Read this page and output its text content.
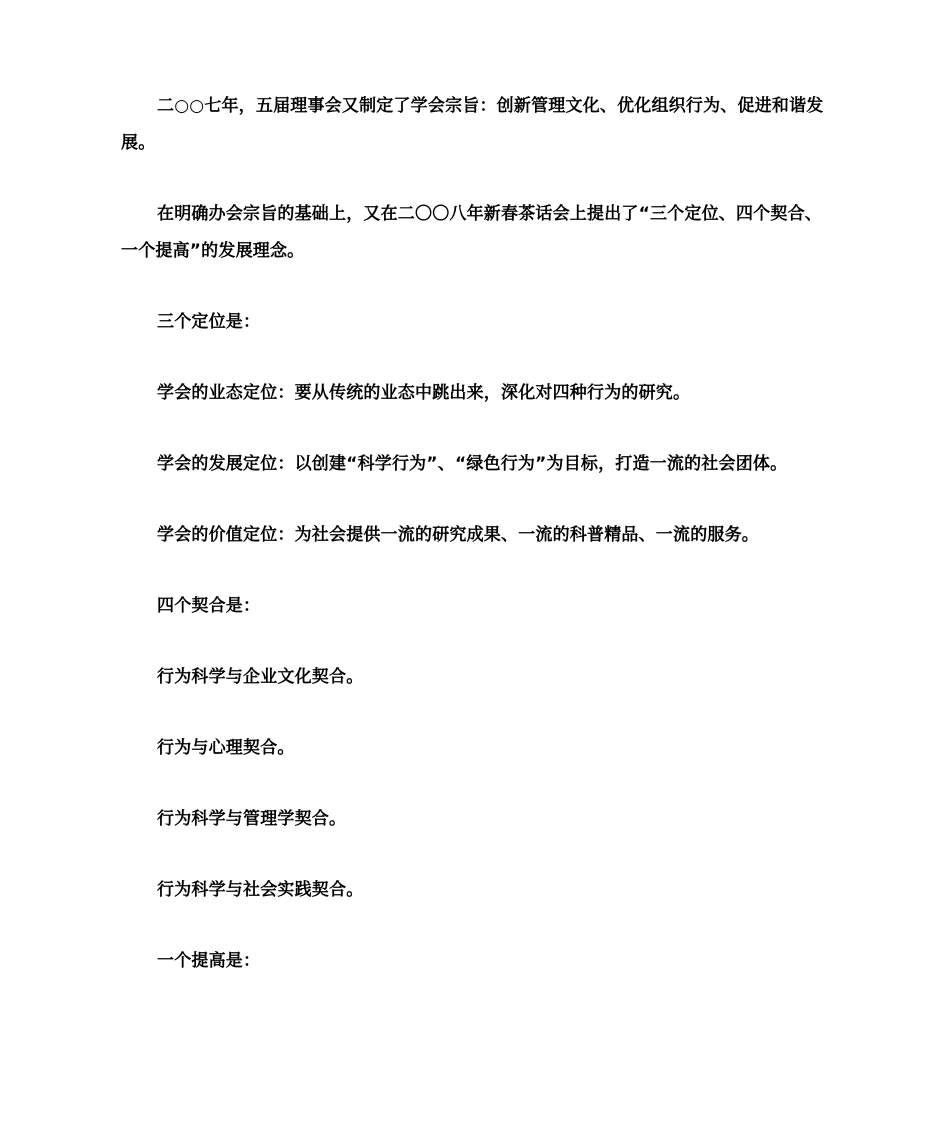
二○○七年，五届理事会又制定了学会宗旨：创新管理文化、优化组织行为、促进和谐发展。

在明确办会宗旨的基础上，又在二〇〇八年新春茶话会上提出了“三个定位、四个契合、一个提高”的发展理念。

三个定位是：

学会的业态定位：要从传统的业态中跳出来，深化对四种行为的研究。

学会的发展定位：以创建“科学行为”、“绿色行为”为目标，打造一流的社会团体。

学会的价值定位：为社会提供一流的研究成果、一流的科普精品、一流的服务。

四个契合是：

行为科学与企业文化契合。

行为与心理契合。

行为科学与管理学契合。

行为科学与社会实践契合。

一个提高是：
